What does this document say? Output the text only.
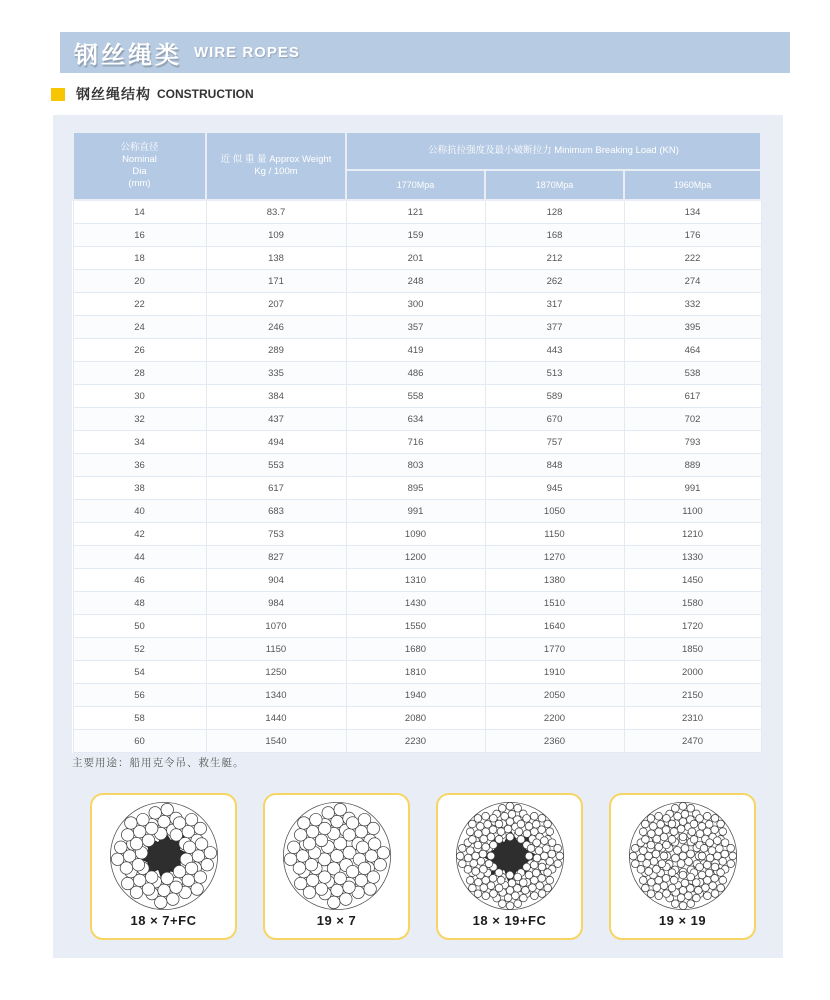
钢丝绳类 WIRE ROPES
钢丝绳结构 CONSTRUCTION
公称直径
Nominal
Dia
(mm)

近 似 重 量 Approx Weight
Kg / 100m
	公称抗拉强度及最小破断拉力 Minimum Breaking Load (KN)
		1770Mpa	1870Mpa	1960Mpa
14	83.7	121	128	134
16	109	159	168	176
18	138	201	212	222
20	171	248	262	274
22	207	300	317	332
24	246	357	377	395
26	289	419	443	464
28	335	486	513	538
30	384	558	589	617
32	437	634	670	702
34	494	716	757	793
36	553	803	848	889
38	617	895	945	991
40	683	991	1050	1100
42	753	1090	1150	1210
44	827	1200	1270	1330
46	904	1310	1380	1450
48	984	1430	1510	1580
50	1070	1550	1640	1720
52	1150	1680	1770	1850
54	1250	1810	1910	2000
56	1340	1940	2050	2150
58	1440	2080	2200	2310
60	1540	2230	2360	2470
主要用途：船用克令吊、救生艇。
18 × 7+FC	19 × 7	18 × 19+FC	19 × 19
